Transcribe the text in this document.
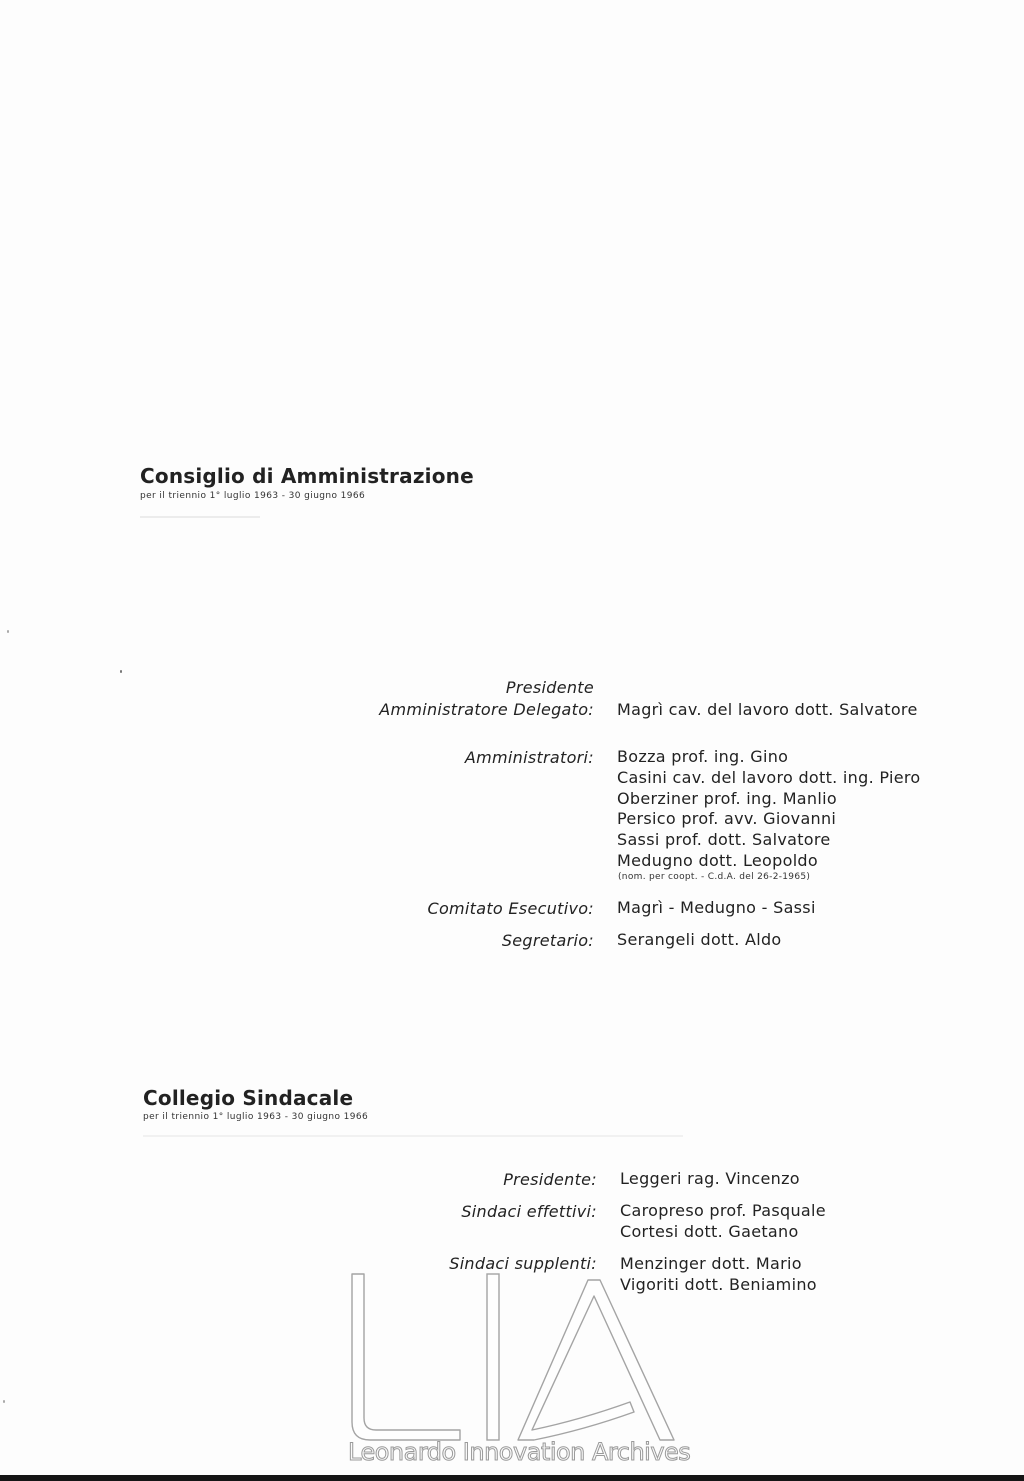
Consiglio di Amministrazione
per il triennio 1° luglio 1963 - 30 giugno 1966
Presidente
Amministratore Delegato: Magrì cav. del lavoro dott. Salvatore
Amministratori: Bozza prof. ing. Gino
Casini cav. del lavoro dott. ing. Piero
Oberziner prof. ing. Manlio
Persico prof. avv. Giovanni
Sassi prof. dott. Salvatore
Medugno dott. Leopoldo
(nom. per coopt. - C.d.A. del 26-2-1965)
Comitato Esecutivo: Magrì - Medugno - Sassi
Segretario: Serangeli dott. Aldo
Collegio Sindacale
per il triennio 1° luglio 1963 - 30 giugno 1966
Presidente: Leggeri rag. Vincenzo
Sindaci effettivi: Caropreso prof. Pasquale
Cortesi dott. Gaetano
Sindaci supplenti: Menzinger dott. Mario
Vigoriti dott. Beniamino
Leonardo Innovation Archives
